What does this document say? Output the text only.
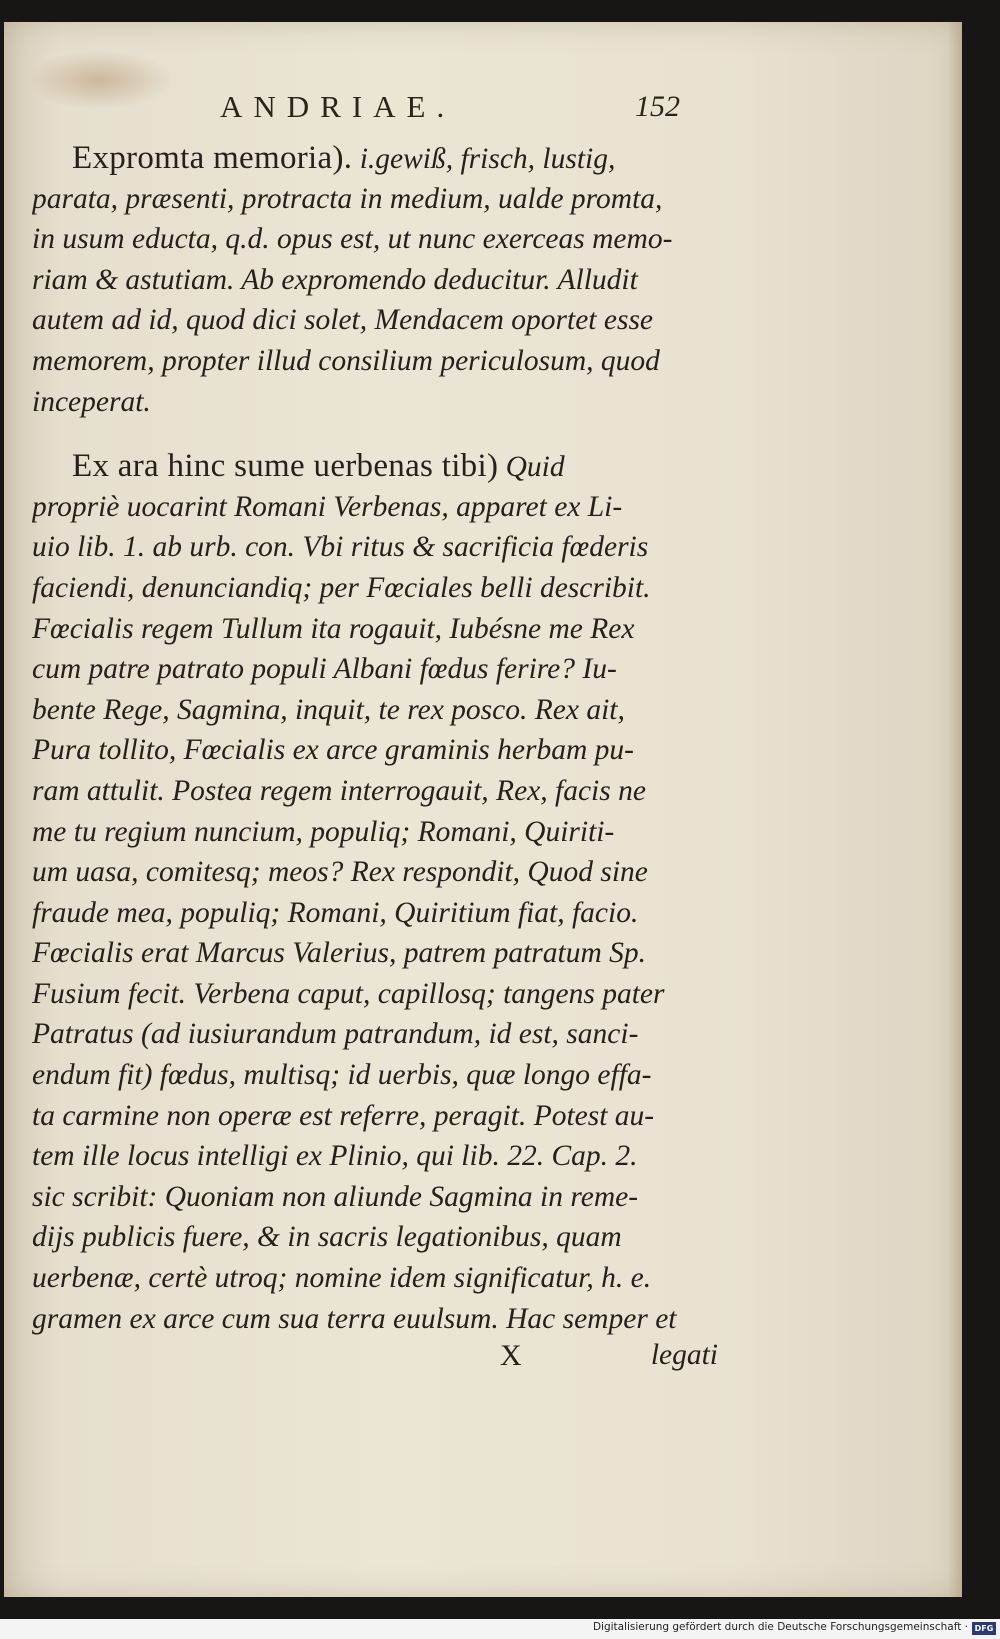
ANDRIAE.	152
Expromta memoria). i.gewiß, frisch, lustig,
parata, præsenti, protracta in medium, ualde promta,
in usum educta, q.d. opus est, ut nunc exerceas memo-
riam & astutiam. Ab expromendo deducitur. Alludit
autem ad id, quod dici solet, Mendacem oportet esse
memorem, propter illud consilium periculosum, quod
inceperat.
Ex ara hinc sume uerbenas tibi) Quid
propriè uocarint Romani Verbenas, apparet ex Li-
uio lib. 1. ab urb. con. Vbi ritus & sacrificia fœderis
faciendi, denunciandiq; per Fœciales belli describit.
Fœcialis regem Tullum ita rogauit, Iubésne me Rex
cum patre patrato populi Albani fœdus ferire? Iu-
bente Rege, Sagmina, inquit, te rex posco. Rex ait,
Pura tollito, Fœcialis ex arce graminis herbam pu-
ram attulit. Postea regem interrogauit, Rex, facis ne
me tu regium nuncium, populiq; Romani, Quiriti-
um uasa, comitesq; meos? Rex respondit, Quod sine
fraude mea, populiq; Romani, Quiritium fiat, facio.
Fœcialis erat Marcus Valerius, patrem patratum Sp.
Fusium fecit. Verbena caput, capillosq; tangens pater
Patratus (ad iusiurandum patrandum, id est, sanci-
endum fit) fœdus, multisq; id uerbis, quæ longo effa-
ta carmine non operæ est referre, peragit. Potest au-
tem ille locus intelligi ex Plinio, qui lib. 22. Cap. 2.
sic scribit: Quoniam non aliunde Sagmina in reme-
dijs publicis fuere, & in sacris legationibus, quam
uerbenæ, certè utroq; nomine idem significatur, h. e.
gramen ex arce cum sua terra euulsum. Hac semper et
X	legati
Digitalisierung gefördert durch die Deutsche Forschungsgemeinschaft · DFG
